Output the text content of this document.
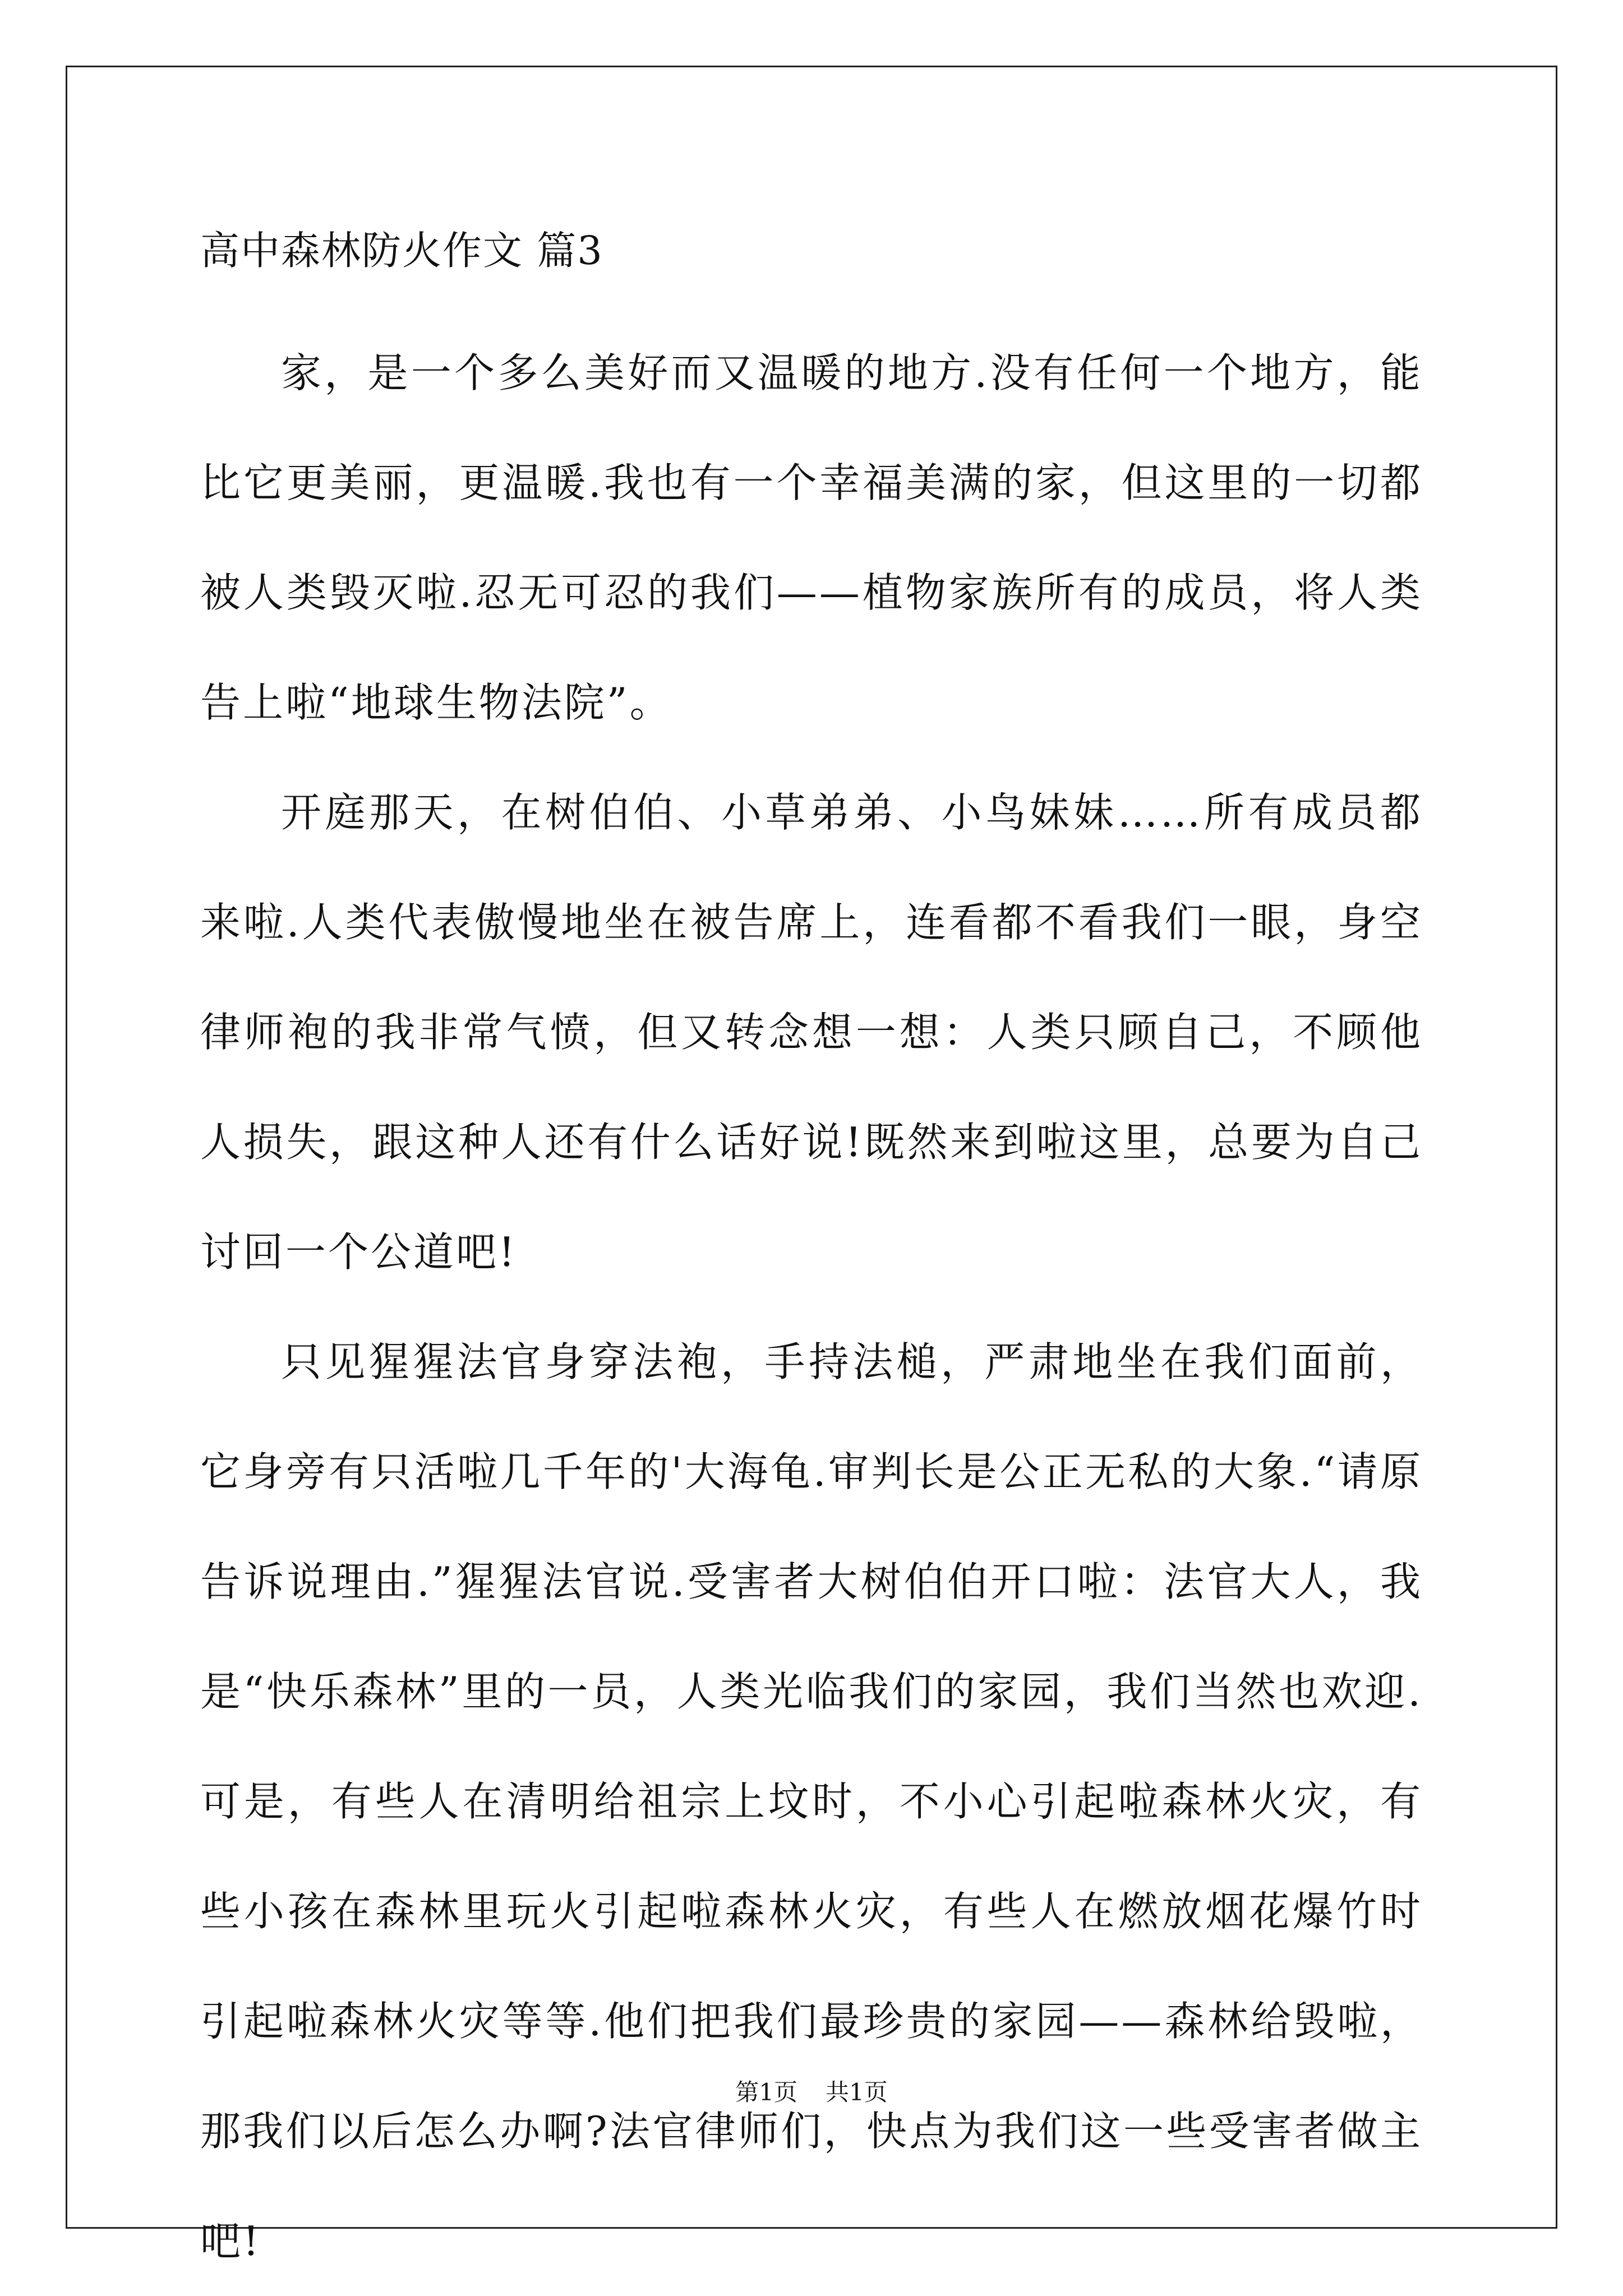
高中森林防火作文 篇3

家，是一个多么美好而又温暖的地方.没有任何一个地方，能比它更美丽，更温暖.我也有一个幸福美满的家，但这里的一切都被人类毁灭啦.忍无可忍的我们——植物家族所有的成员，将人类告上啦“地球生物法院”。

开庭那天，在树伯伯、小草弟弟、小鸟妹妹……所有成员都来啦.人类代表傲慢地坐在被告席上，连看都不看我们一眼，身空律师袍的我非常气愤，但又转念想一想：人类只顾自己，不顾他人损失，跟这种人还有什么话好说!既然来到啦这里，总要为自己讨回一个公道吧!

只见猩猩法官身穿法袍，手持法槌，严肃地坐在我们面前，它身旁有只活啦几千年的'大海龟.审判长是公正无私的大象.“请原告诉说理由.”猩猩法官说.受害者大树伯伯开口啦：法官大人，我是“快乐森林”里的一员，人类光临我们的家园，我们当然也欢迎.可是，有些人在清明给祖宗上坟时，不小心引起啦森林火灾，有些小孩在森林里玩火引起啦森林火灾，有些人在燃放烟花爆竹时引起啦森林火灾等等.他们把我们最珍贵的家园——森林给毁啦，那我们以后怎么办啊?法官律师们，快点为我们这一些受害者做主吧!

第1页 共1页
